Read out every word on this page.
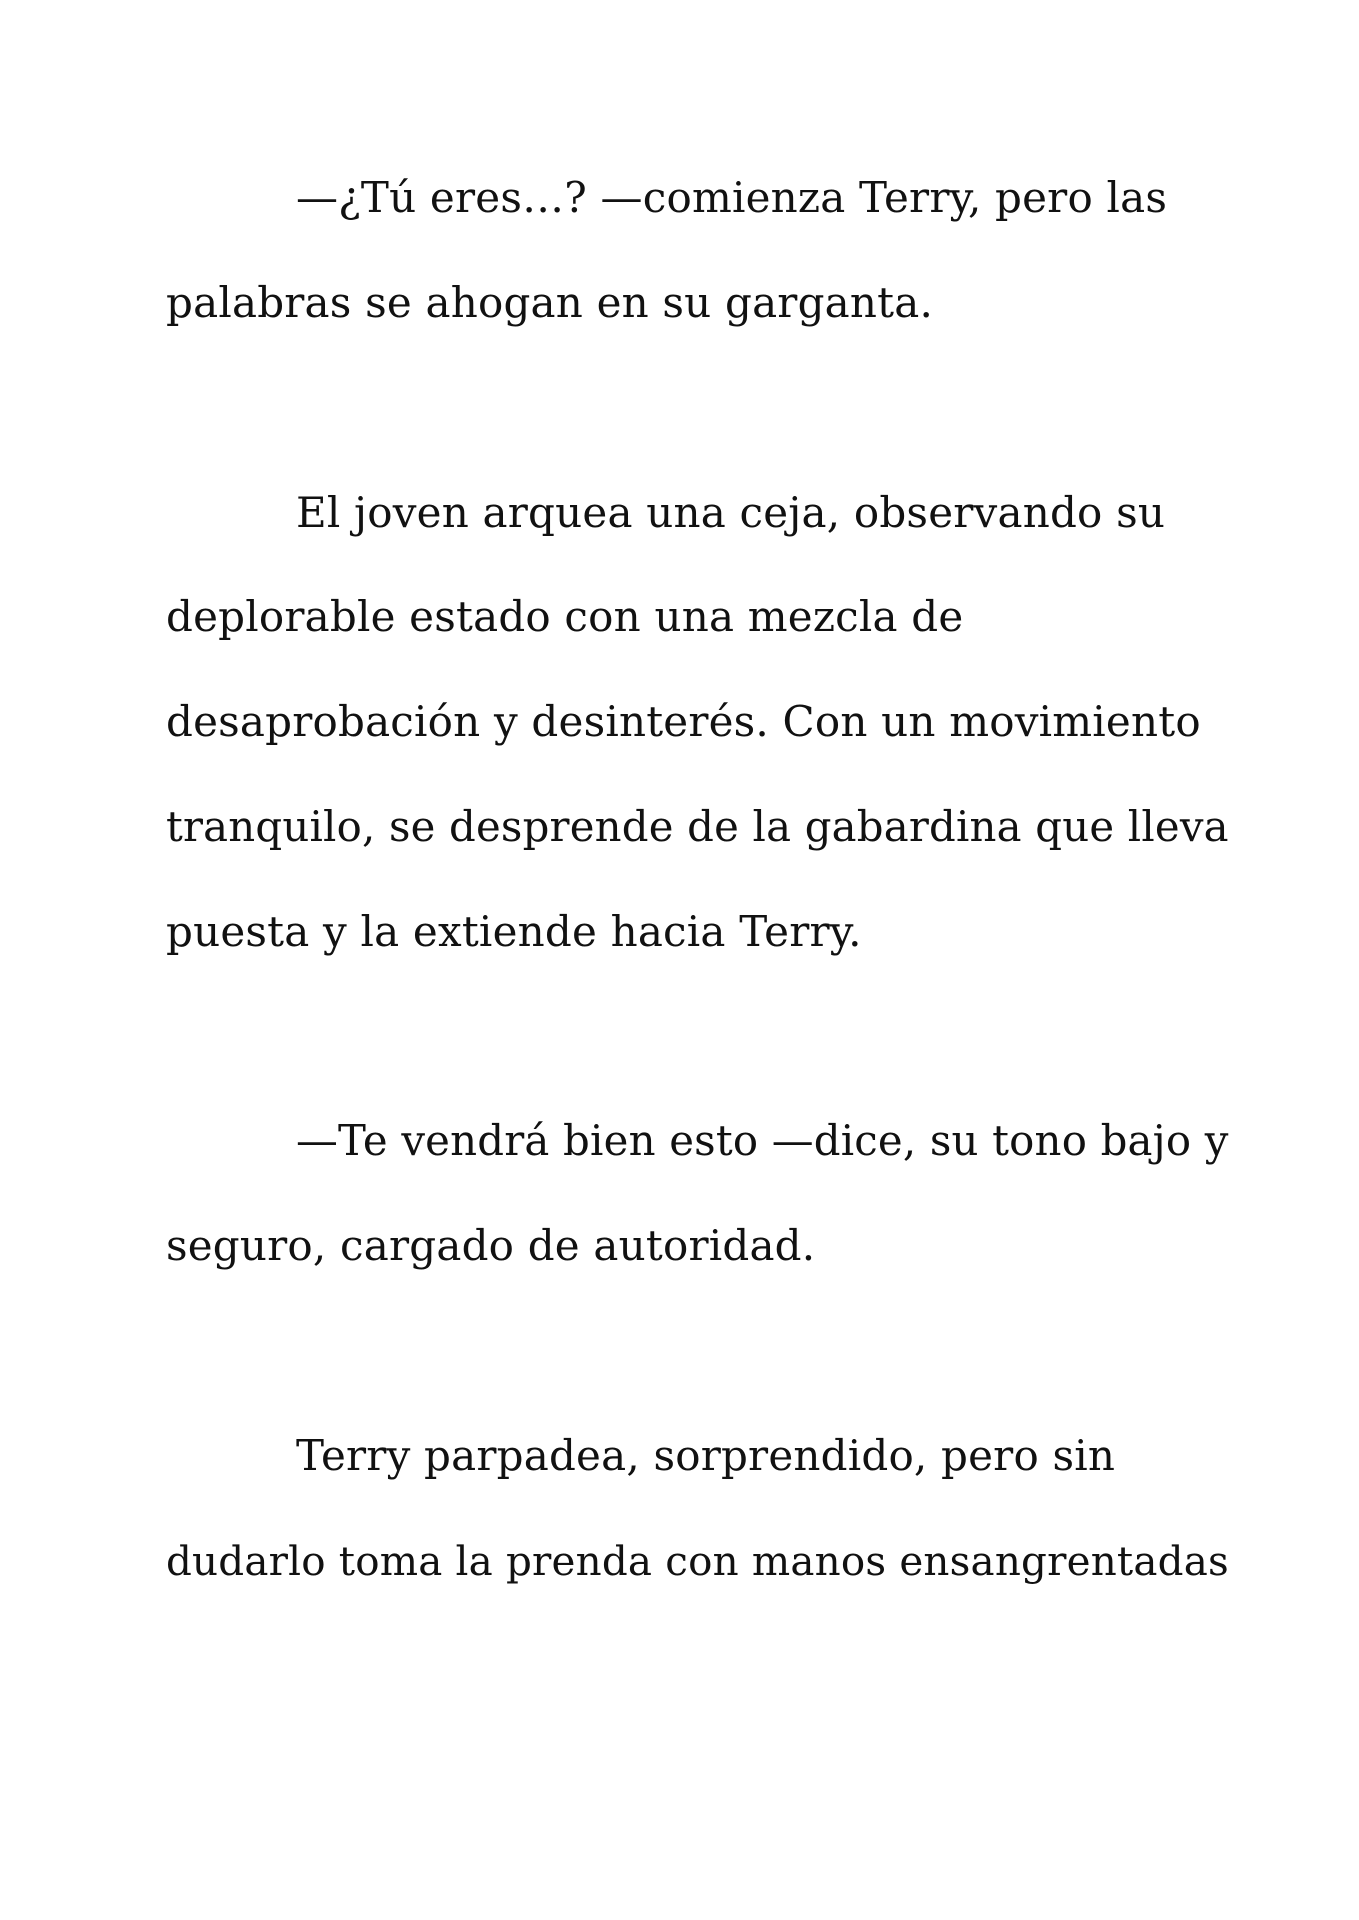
—¿Tú eres…? —comienza Terry, pero las

palabras se ahogan en su garganta.

El joven arquea una ceja, observando su

deplorable estado con una mezcla de

desaprobación y desinterés. Con un movimiento

tranquilo, se desprende de la gabardina que lleva

puesta y la extiende hacia Terry.

—Te vendrá bien esto —dice, su tono bajo y

seguro, cargado de autoridad.

Terry parpadea, sorprendido, pero sin

dudarlo toma la prenda con manos ensangrentadas
